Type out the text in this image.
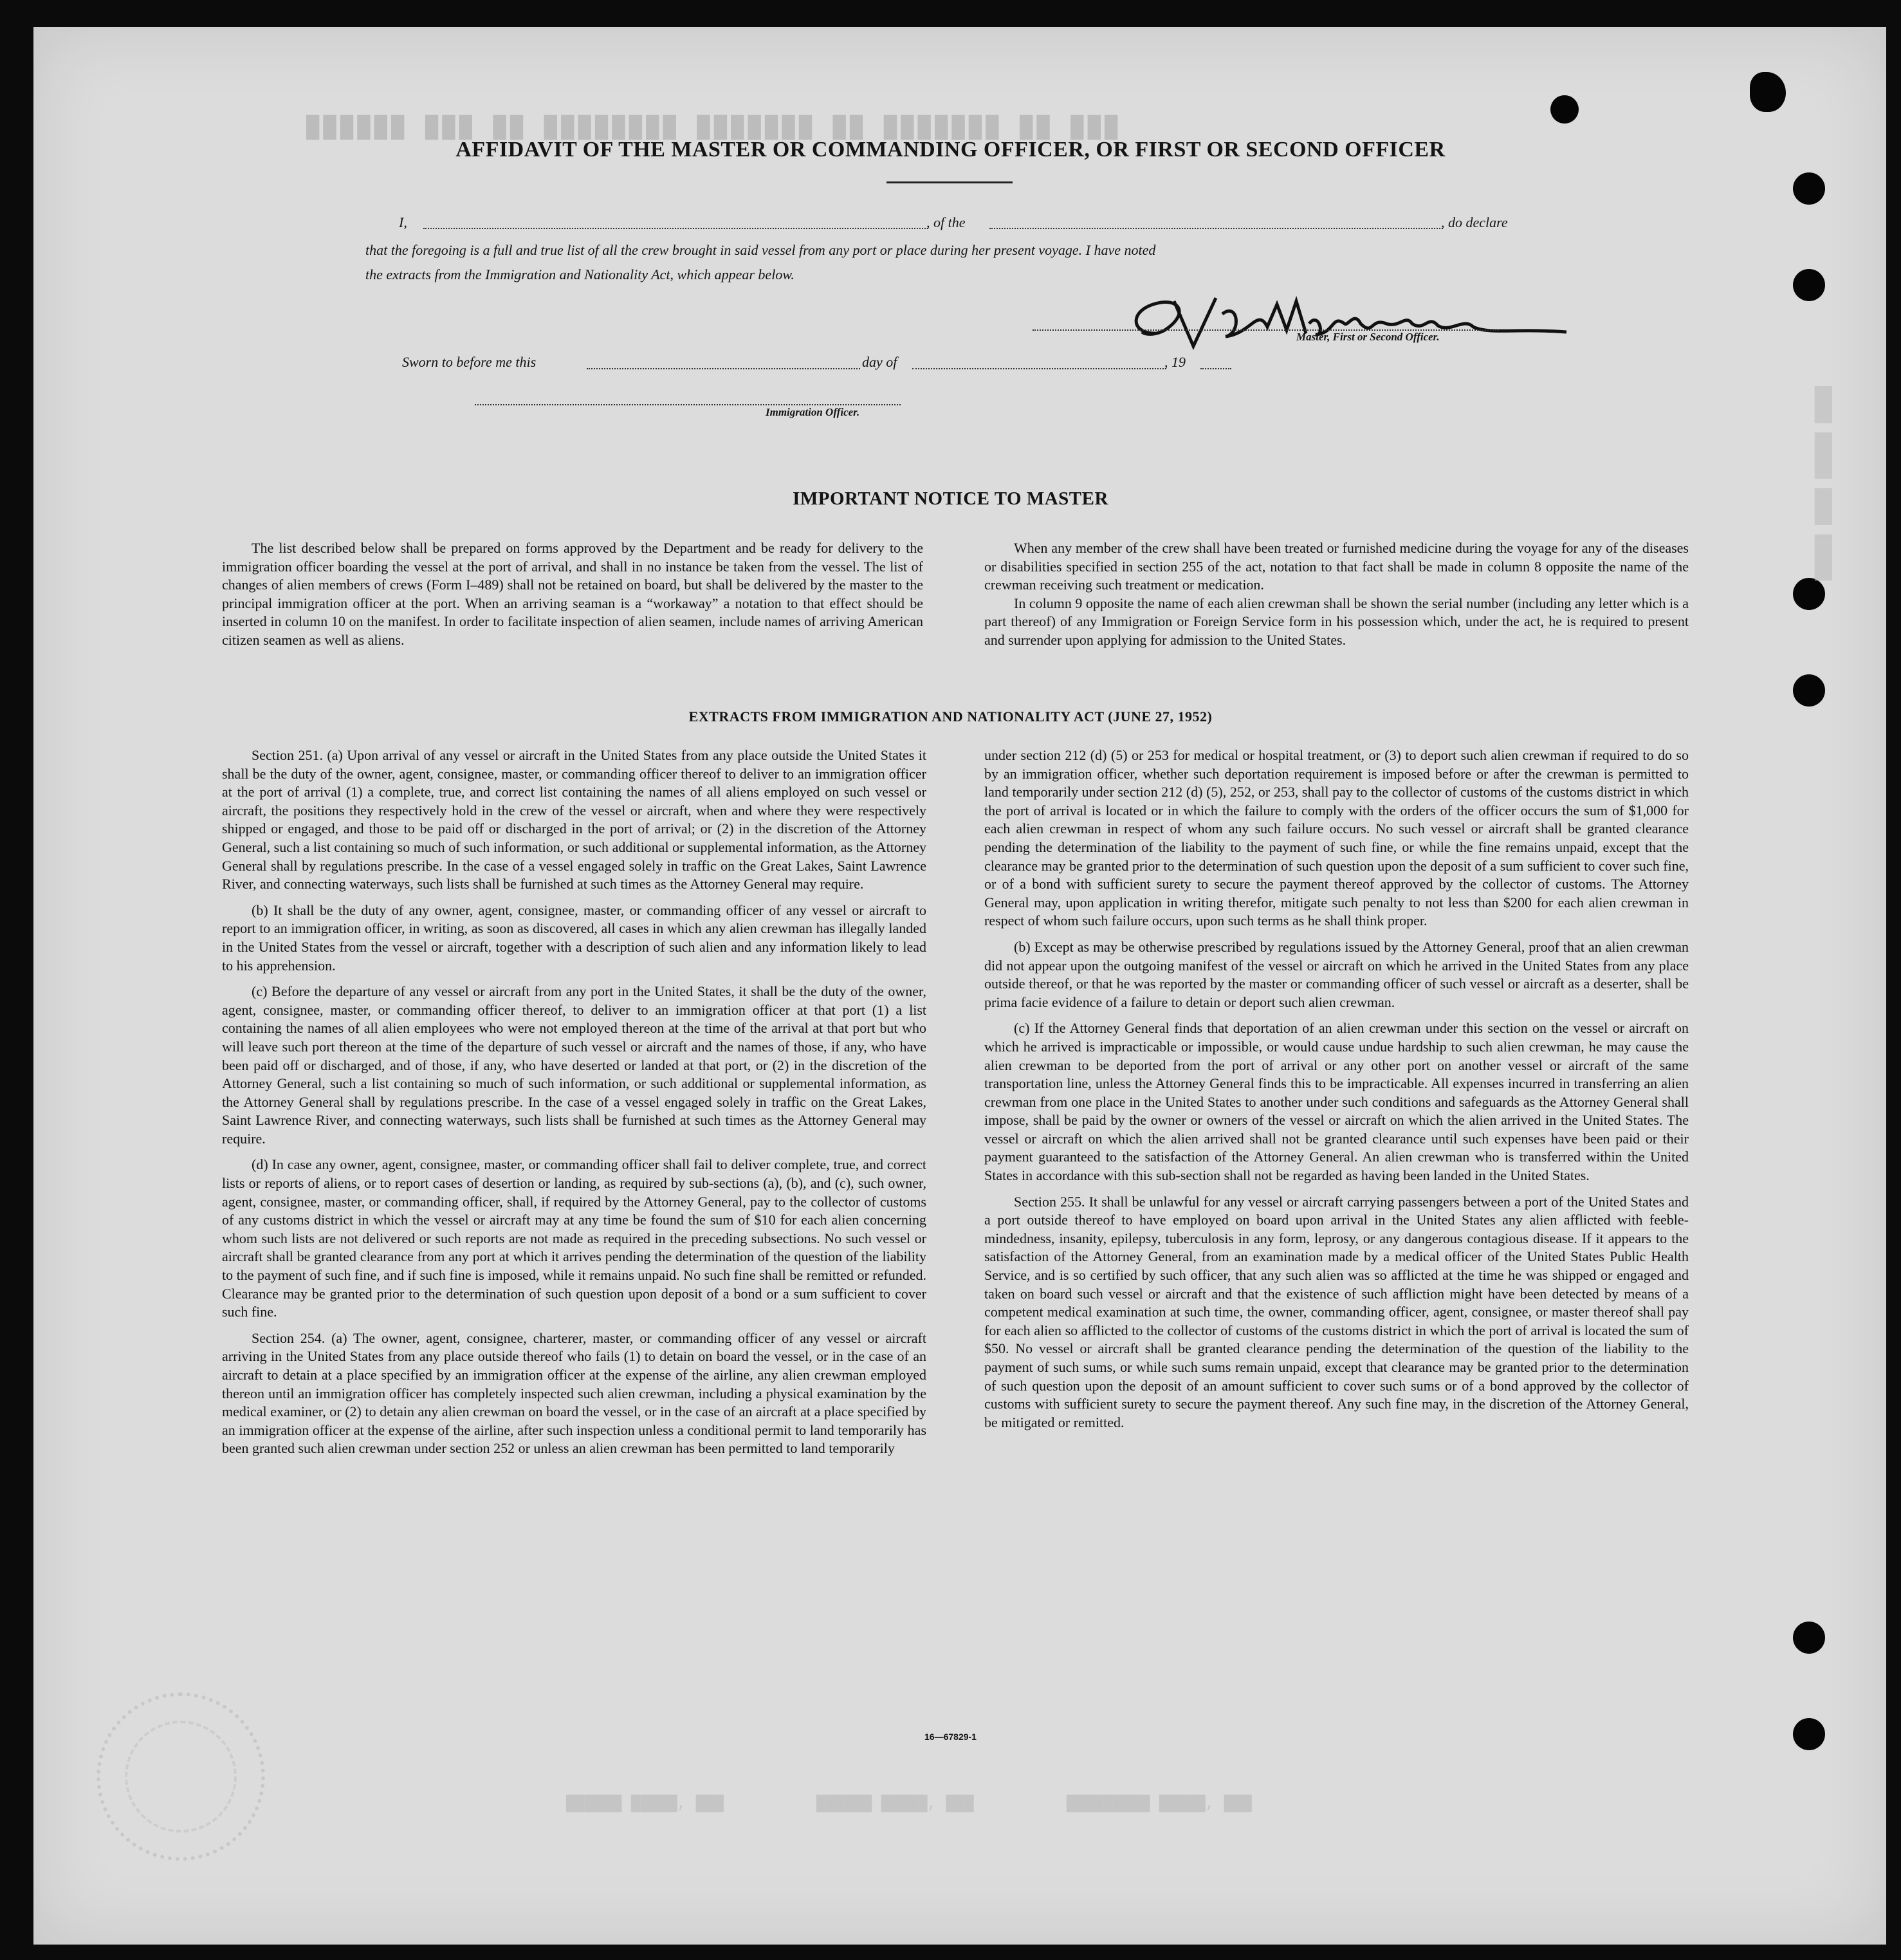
███ ██ ███████ ██ ███████ ████████ ██ ███ ██████
████ █████ ████ █████
██████ █████, ███          ██████ █████, ███          █████████ █████, ███
AFFIDAVIT OF THE MASTER OR COMMANDING OFFICER, OR FIRST OR SECOND OFFICER
I,	, of the	, do declare
that the foregoing is a full and true list of all the crew brought in said vessel from any port or place during her present voyage. I have noted
the extracts from the Immigration and Nationality Act, which appear below.
Master, First or Second Officer.
Sworn to before me this	day of	, 19
Immigration Officer.
IMPORTANT NOTICE TO MASTER

The list described below shall be prepared on forms approved by the Department and be ready for delivery to the immigration officer boarding the vessel at the port of arrival, and shall in no instance be taken from the vessel. The list of changes of alien members of crews (Form I–489) shall not be retained on board, but shall be delivered by the master to the principal immigration officer at the port. When an arriving seaman is a “workaway” a notation to that effect should be inserted in column 10 on the manifest. In order to facilitate inspection of alien seamen, include names of arriving American citizen seamen as well as aliens.

When any member of the crew shall have been treated or furnished medicine during the voyage for any of the diseases or disabilities specified in section 255 of the act, notation to that fact shall be made in column 8 opposite the name of the crewman receiving such treatment or medication.

In column 9 opposite the name of each alien crewman shall be shown the serial number (including any letter which is a part thereof) of any Immigration or Foreign Service form in his possession which, under the act, he is required to present and surrender upon applying for admission to the United States.

EXTRACTS FROM IMMIGRATION AND NATIONALITY ACT (JUNE 27, 1952)

Section 251. (a) Upon arrival of any vessel or aircraft in the United States from any place outside the United States it shall be the duty of the owner, agent, consignee, master, or commanding officer thereof to deliver to an immigration officer at the port of arrival (1) a complete, true, and correct list containing the names of all aliens employed on such vessel or aircraft, the positions they respectively hold in the crew of the vessel or aircraft, when and where they were respectively shipped or engaged, and those to be paid off or discharged in the port of arrival; or (2) in the discretion of the Attorney General, such a list containing so much of such information, or such additional or supplemental information, as the Attorney General shall by regulations prescribe. In the case of a vessel engaged solely in traffic on the Great Lakes, Saint Lawrence River, and connecting waterways, such lists shall be furnished at such times as the Attorney General may require.

(b) It shall be the duty of any owner, agent, consignee, master, or commanding officer of any vessel or aircraft to report to an immigration officer, in writing, as soon as discovered, all cases in which any alien crewman has illegally landed in the United States from the vessel or aircraft, together with a description of such alien and any information likely to lead to his apprehension.

(c) Before the departure of any vessel or aircraft from any port in the United States, it shall be the duty of the owner, agent, consignee, master, or commanding officer thereof, to deliver to an immigration officer at that port (1) a list containing the names of all alien employees who were not employed thereon at the time of the arrival at that port but who will leave such port thereon at the time of the departure of such vessel or aircraft and the names of those, if any, who have been paid off or discharged, and of those, if any, who have deserted or landed at that port, or (2) in the discretion of the Attorney General, such a list containing so much of such information, or such additional or supplemental information, as the Attorney General shall by regulations prescribe. In the case of a vessel engaged solely in traffic on the Great Lakes, Saint Lawrence River, and connecting waterways, such lists shall be furnished at such times as the Attorney General may require.

(d) In case any owner, agent, consignee, master, or commanding officer shall fail to deliver complete, true, and correct lists or reports of aliens, or to report cases of desertion or landing, as required by sub-sections (a), (b), and (c), such owner, agent, consignee, master, or commanding officer, shall, if required by the Attorney General, pay to the collector of customs of any customs district in which the vessel or aircraft may at any time be found the sum of $10 for each alien concerning whom such lists are not delivered or such reports are not made as required in the preceding subsections. No such vessel or aircraft shall be granted clearance from any port at which it arrives pending the determination of the question of the liability to the payment of such fine, and if such fine is imposed, while it remains unpaid. No such fine shall be remitted or refunded. Clearance may be granted prior to the determination of such question upon deposit of a bond or a sum sufficient to cover such fine.

Section 254. (a) The owner, agent, consignee, charterer, master, or commanding officer of any vessel or aircraft arriving in the United States from any place outside thereof who fails (1) to detain on board the vessel, or in the case of an aircraft to detain at a place specified by an immigration officer at the expense of the airline, any alien crewman employed thereon until an immigration officer has completely inspected such alien crewman, including a physical examination by the medical examiner, or (2) to detain any alien crewman on board the vessel, or in the case of an aircraft at a place specified by an immigration officer at the expense of the airline, after such inspection unless a conditional permit to land temporarily has been granted such alien crewman under section 252 or unless an alien crewman has been permitted to land temporarily

under section 212 (d) (5) or 253 for medical or hospital treatment, or (3) to deport such alien crewman if required to do so by an immigration officer, whether such deportation requirement is imposed before or after the crewman is permitted to land temporarily under section 212 (d) (5), 252, or 253, shall pay to the collector of customs of the customs district in which the port of arrival is located or in which the failure to comply with the orders of the officer occurs the sum of $1,000 for each alien crewman in respect of whom any such failure occurs. No such vessel or aircraft shall be granted clearance pending the determination of the liability to the payment of such fine, or while the fine remains unpaid, except that the clearance may be granted prior to the determination of such question upon the deposit of a sum sufficient to cover such fine, or of a bond with sufficient surety to secure the payment thereof approved by the collector of customs. The Attorney General may, upon application in writing therefor, mitigate such penalty to not less than $200 for each alien crewman in respect of whom such failure occurs, upon such terms as he shall think proper.

(b) Except as may be otherwise prescribed by regulations issued by the Attorney General, proof that an alien crewman did not appear upon the outgoing manifest of the vessel or aircraft on which he arrived in the United States from any place outside thereof, or that he was reported by the master or commanding officer of such vessel or aircraft as a deserter, shall be prima facie evidence of a failure to detain or deport such alien crewman.

(c) If the Attorney General finds that deportation of an alien crewman under this section on the vessel or aircraft on which he arrived is impracticable or impossible, or would cause undue hardship to such alien crewman, he may cause the alien crewman to be deported from the port of arrival or any other port on another vessel or aircraft of the same transportation line, unless the Attorney General finds this to be impracticable. All expenses incurred in transferring an alien crewman from one place in the United States to another under such conditions and safeguards as the Attorney General shall impose, shall be paid by the owner or owners of the vessel or aircraft on which the alien arrived in the United States. The vessel or aircraft on which the alien arrived shall not be granted clearance until such expenses have been paid or their payment guaranteed to the satisfaction of the Attorney General. An alien crewman who is transferred within the United States in accordance with this sub-section shall not be regarded as having been landed in the United States.

Section 255. It shall be unlawful for any vessel or aircraft carrying passengers between a port of the United States and a port outside thereof to have employed on board upon arrival in the United States any alien afflicted with feeble-mindedness, insanity, epilepsy, tuberculosis in any form, leprosy, or any dangerous contagious disease. If it appears to the satisfaction of the Attorney General, from an examination made by a medical officer of the United States Public Health Service, and is so certified by such officer, that any such alien was so afflicted at the time he was shipped or engaged and taken on board such vessel or aircraft and that the existence of such affliction might have been detected by means of a competent medical examination at such time, the owner, commanding officer, agent, consignee, or master thereof shall pay for each alien so afflicted to the collector of customs of the customs district in which the port of arrival is located the sum of $50. No vessel or aircraft shall be granted clearance pending the determination of the question of the liability to the payment of such sums, or while such sums remain unpaid, except that clearance may be granted prior to the determination of such question upon the deposit of an amount sufficient to cover such sums or of a bond approved by the collector of customs with sufficient surety to secure the payment thereof. Any such fine may, in the discretion of the Attorney General, be mitigated or remitted.

16—67829-1
